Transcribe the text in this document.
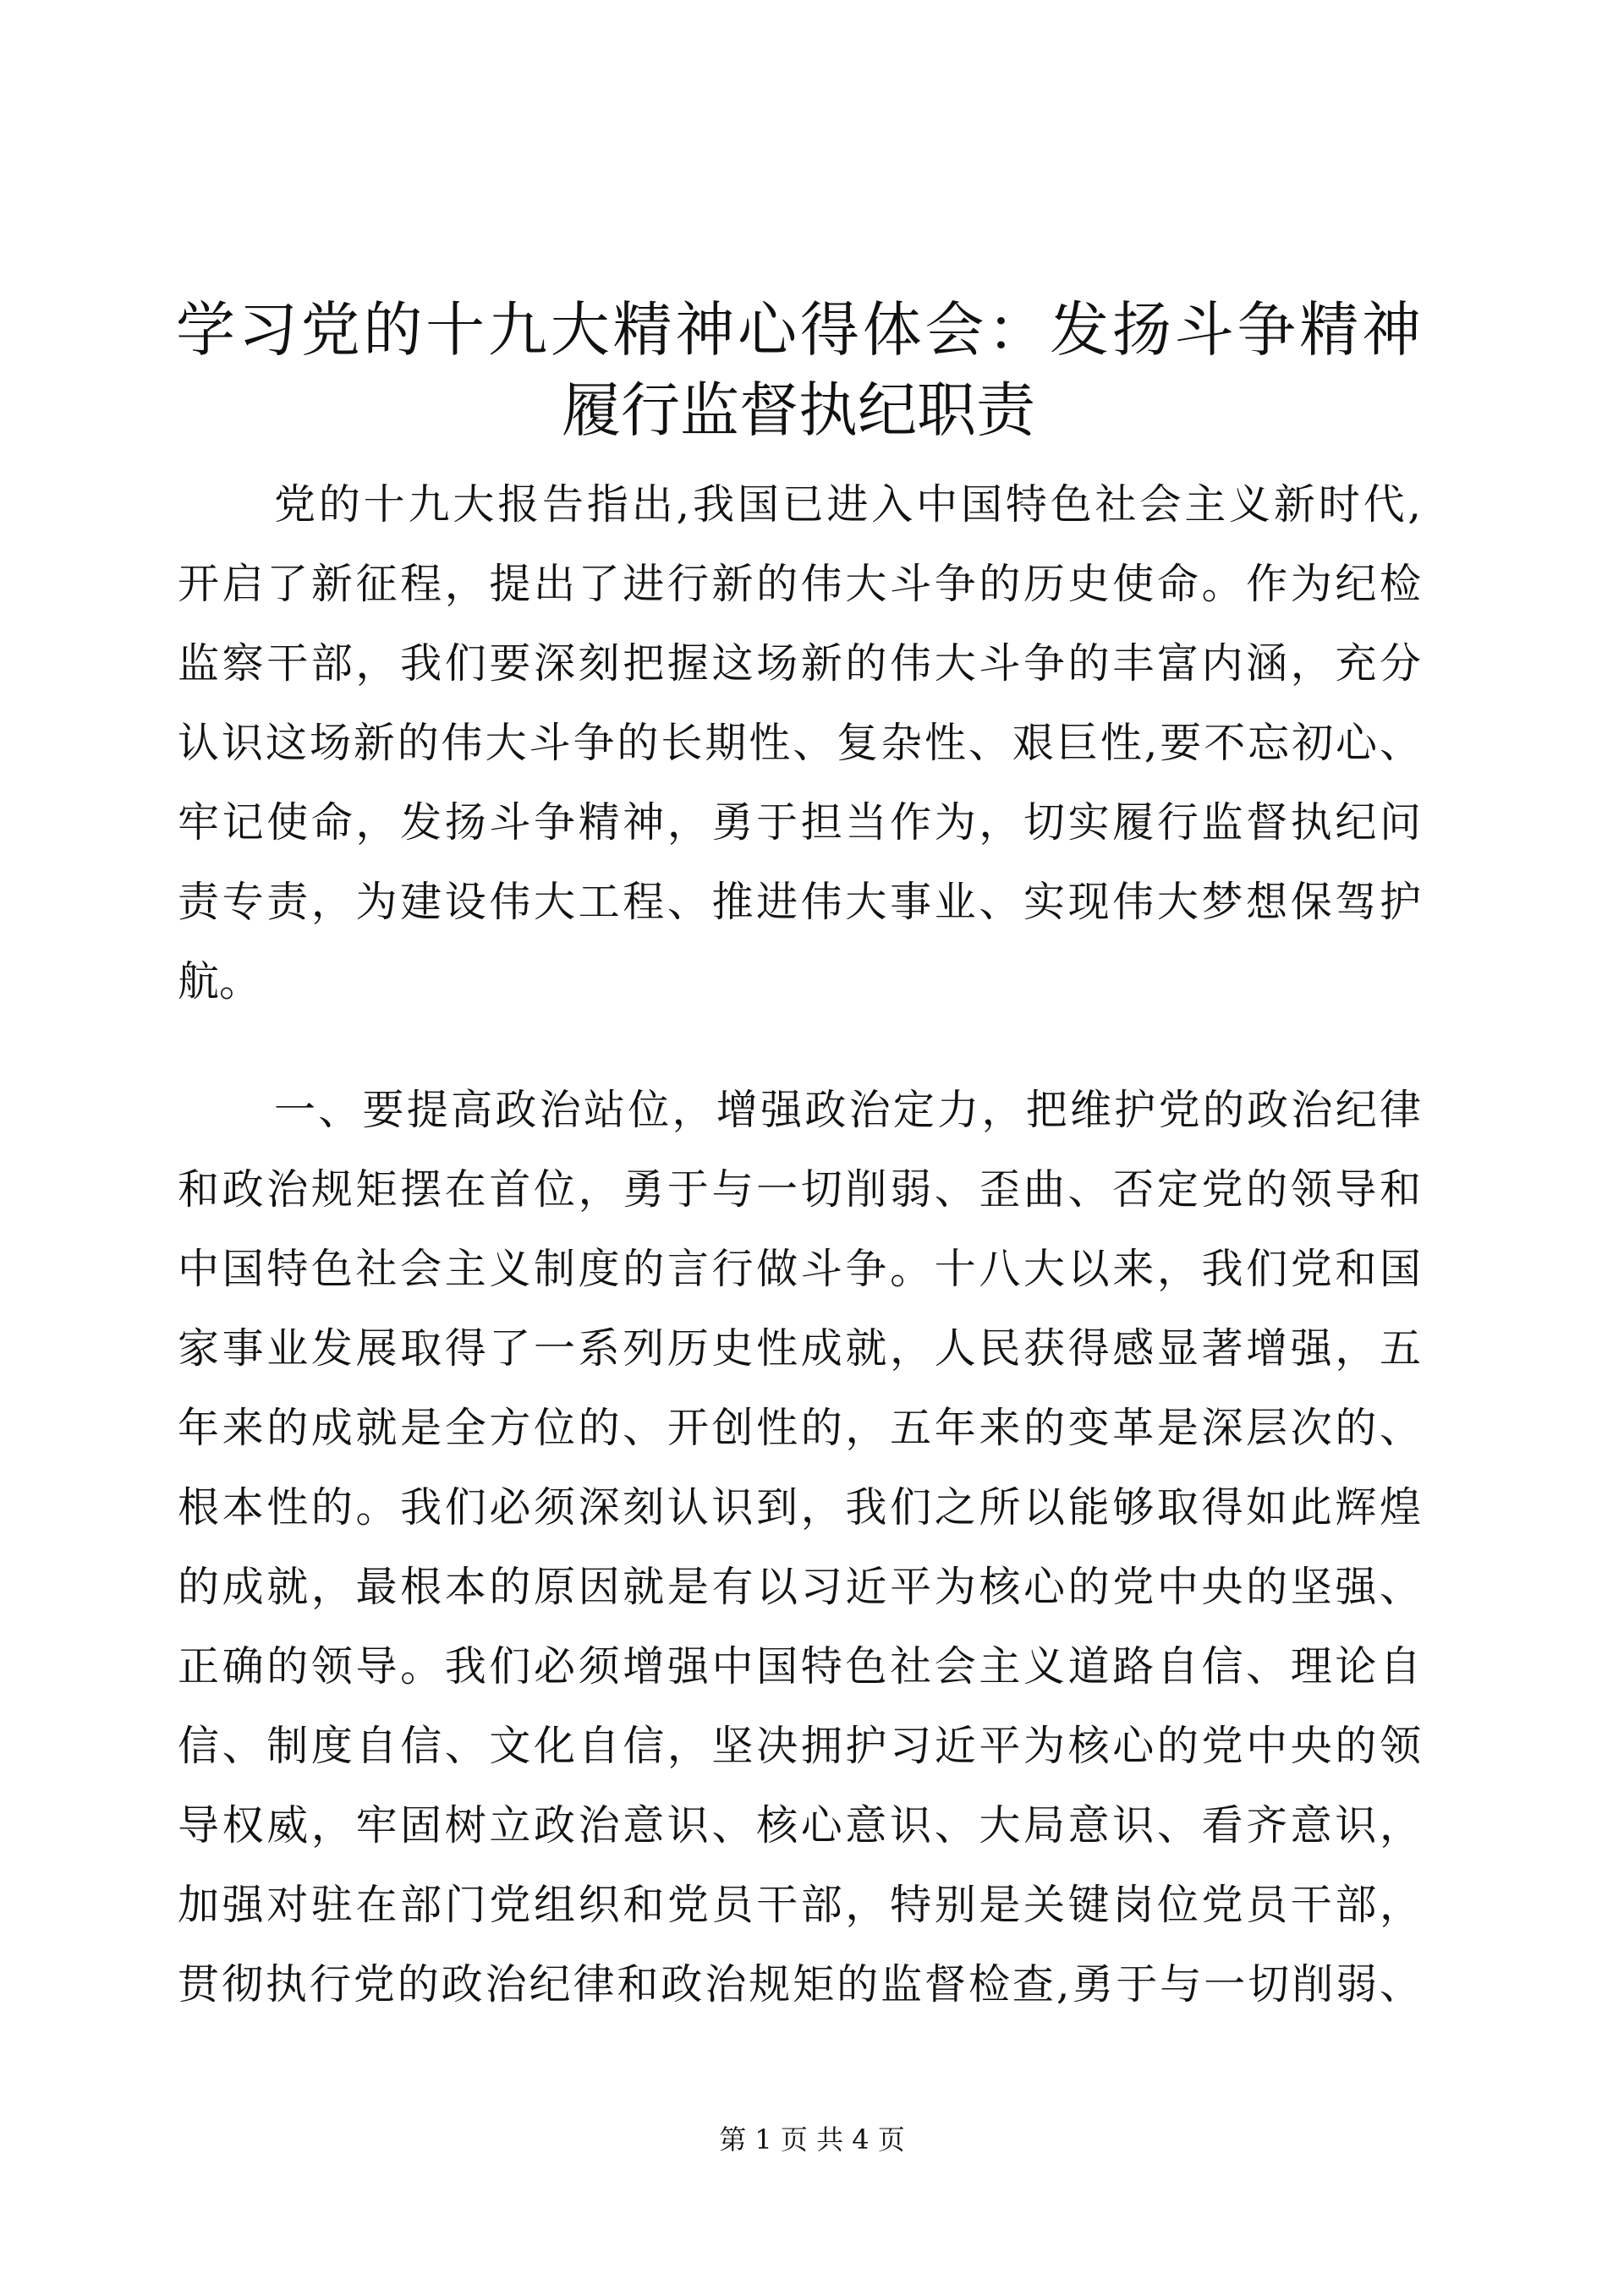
学习党的十九大精神心得体会：发扬斗争精神
履行监督执纪职责
党的十九大报告指出,我国已进入中国特色社会主义新时代,
开启了新征程，提出了进行新的伟大斗争的历史使命。作为纪检
监察干部，我们要深刻把握这场新的伟大斗争的丰富内涵，充分
认识这场新的伟大斗争的长期性、复杂性、艰巨性,要不忘初心、
牢记使命，发扬斗争精神，勇于担当作为，切实履行监督执纪问
责专责，为建设伟大工程、推进伟大事业、实现伟大梦想保驾护
航。
一、要提高政治站位，增强政治定力，把维护党的政治纪律
和政治规矩摆在首位，勇于与一切削弱、歪曲、否定党的领导和
中国特色社会主义制度的言行做斗争。十八大以来，我们党和国
家事业发展取得了一系列历史性成就，人民获得感显著增强，五
年来的成就是全方位的、开创性的，五年来的变革是深层次的、
根本性的。我们必须深刻认识到，我们之所以能够取得如此辉煌
的成就，最根本的原因就是有以习近平为核心的党中央的坚强、
正确的领导。我们必须增强中国特色社会主义道路自信、理论自
信、制度自信、文化自信，坚决拥护习近平为核心的党中央的领
导权威，牢固树立政治意识、核心意识、大局意识、看齐意识，
加强对驻在部门党组织和党员干部，特别是关键岗位党员干部，
贯彻执行党的政治纪律和政治规矩的监督检查,勇于与一切削弱、
第 1 页 共 4 页
